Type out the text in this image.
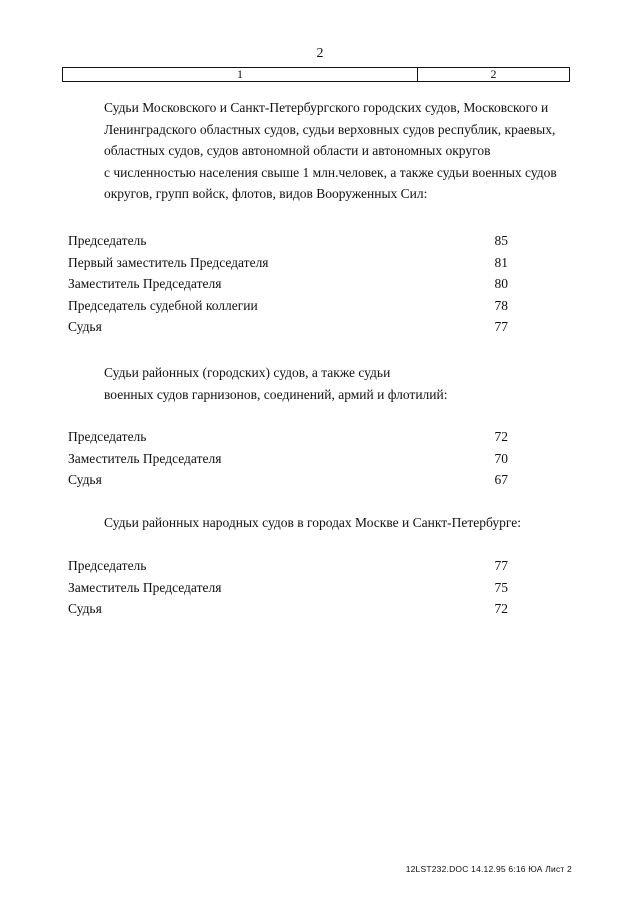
2
1	2
Судьи Московского и Санкт-Петербургского городских судов, Московского и
Ленинградского областных судов, судьи верховных судов республик, краевых,
областных судов, судов автономной области и автономных округов
с численностью населения свыше 1 млн.человек, а также судьи военных судов
округов, групп войск, флотов, видов Вооруженных Сил:
Председатель	85
Первый заместитель Председателя	81
Заместитель Председателя	80
Председатель судебной коллегии	78
Судья	77
Судьи районных (городских) судов, а также судьи
военных судов гарнизонов, соединений, армий и флотилий:
Председатель	72
Заместитель Председателя	70
Судья	67
Судьи районных народных судов в городах Москве и Санкт-Петербурге:
Председатель	77
Заместитель Председателя	75
Судья	72
12LST232.DOC 14.12.95 6:16 ЮА Лист 2
